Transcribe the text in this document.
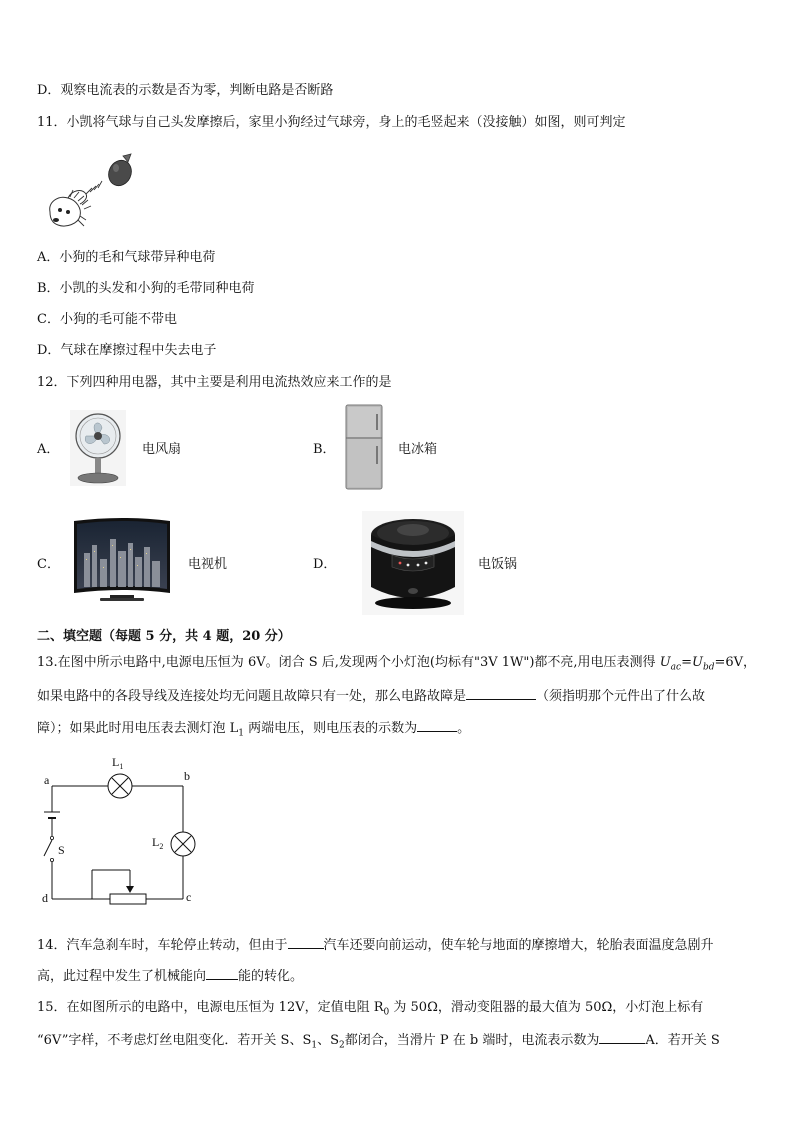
D．观察电流表的示数是否为零，判断电路是否断路
11．小凯将气球与自己头发摩擦后，家里小狗经过气球旁，身上的毛竖起来（没接触）如图，则可判定
A．小狗的毛和气球带异种电荷
B．小凯的头发和小狗的毛带同种电荷
C．小狗的毛可能不带电
D．气球在摩擦过程中失去电子
12．下列四种用电器，其中主要是利用电流热效应来工作的是
A．	电风扇	B．	电冰箱
C．	电视机	D．	电饭锅
二、填空题（每题 5 分，共 4 题，20 分）
13.在图中所示电路中,电源电压恒为 6V。闭合 S 后,发现两个小灯泡(均标有"3V 1W")都不亮,用电压表测得 $U_{ac}=U_{bd}=6V$，
如果电路中的各段导线及连接处均无问题且故障只有一处，那么电路故障是	（须指明那个元件出了什么故
障）；如果此时用电压表去测灯泡 $L_1$ 两端电压，则电压表的示数为	。
a	b
c
d
S
$L_1$
$L_2$
14．汽车急刹车时，车轮停止转动，但由于	汽车还要向前运动，使车轮与地面的摩擦增大，轮胎表面温度急剧升
高，此过程中发生了机械能向 能的转化。
15．在如图所示的电路中，电源电压恒为 12V，定值电阻 $R_0$ 为 50Ω，滑动变阻器的最大值为 50Ω，小灯泡上标有
“6V”字样，不考虑灯丝电阻变化．若开关 S、$S_1$、$S_2$都闭合，当滑片 P 在 b 端时，电流表示数为	A．若开关 S
